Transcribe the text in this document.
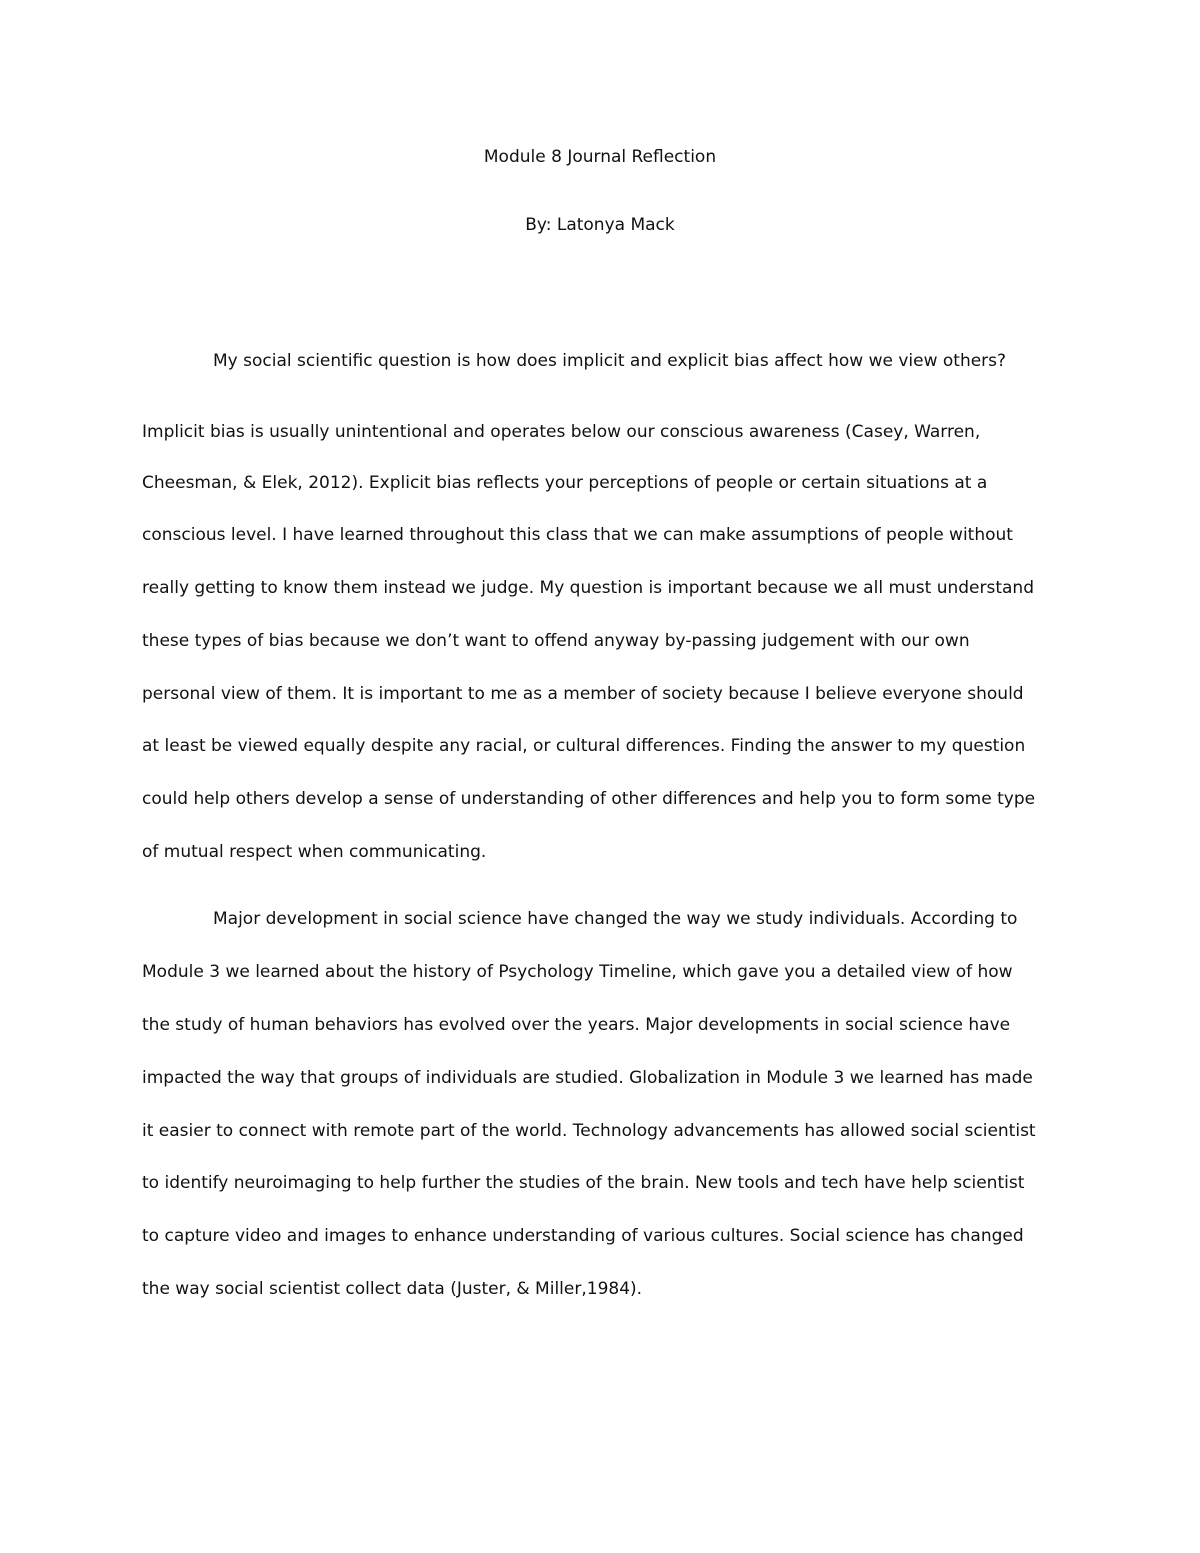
Module 8 Journal Reflection
By: Latonya Mack

My social scientific question is how does implicit and explicit bias affect how we view others?

Implicit bias is usually unintentional and operates below our conscious awareness (Casey, Warren,

Cheesman, & Elek, 2012). Explicit bias reflects your perceptions of people or certain situations at a

conscious level. I have learned throughout this class that we can make assumptions of people without

really getting to know them instead we judge. My question is important because we all must understand

these types of bias because we don’t want to offend anyway by-passing judgement with our own

personal view of them. It is important to me as a member of society because I believe everyone should

at least be viewed equally despite any racial, or cultural differences. Finding the answer to my question

could help others develop a sense of understanding of other differences and help you to form some type

of mutual respect when communicating.

Major development in social science have changed the way we study individuals. According to

Module 3 we learned about the history of Psychology Timeline, which gave you a detailed view of how

the study of human behaviors has evolved over the years. Major developments in social science have

impacted the way that groups of individuals are studied. Globalization in Module 3 we learned has made

it easier to connect with remote part of the world. Technology advancements has allowed social scientist

to identify neuroimaging to help further the studies of the brain. New tools and tech have help scientist

to capture video and images to enhance understanding of various cultures. Social science has changed

the way social scientist collect data (Juster, & Miller,1984).
